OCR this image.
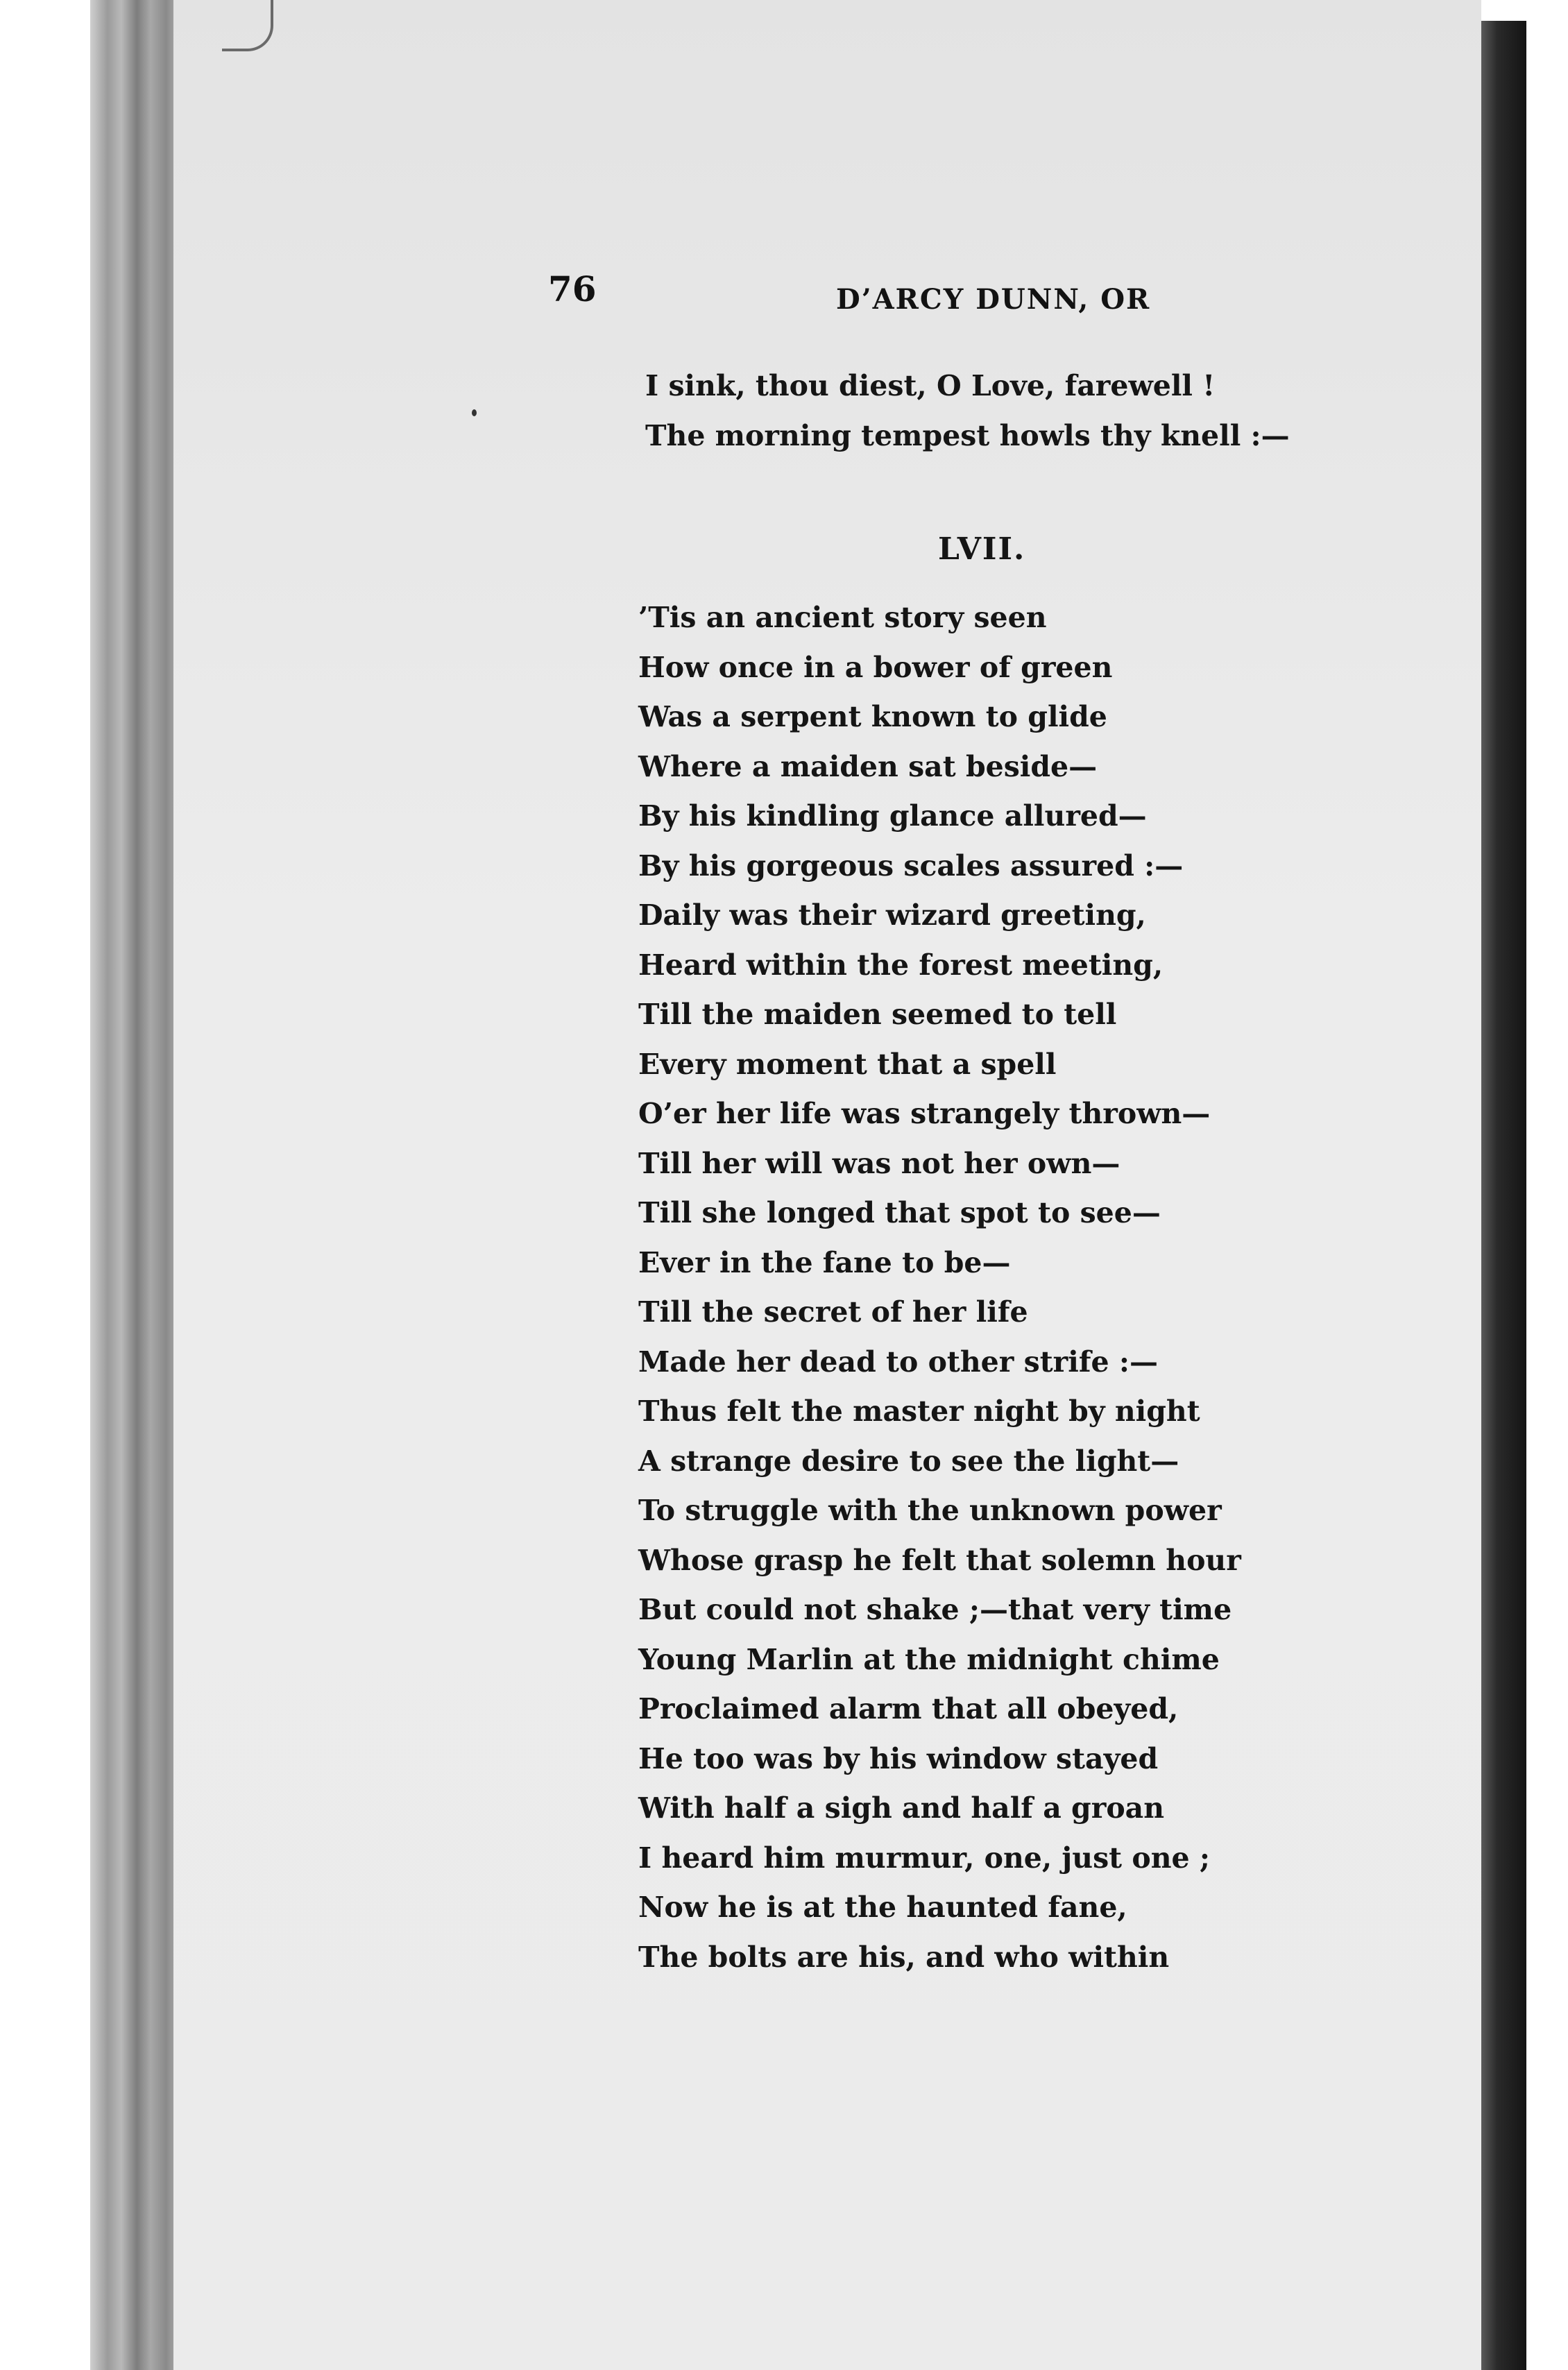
76	D’ARCY DUNN, OR
I sink, thou diest, O Love, farewell !
The morning tempest howls thy knell :—
LVII.
’Tis an ancient story seen
How once in a bower of green
Was a serpent known to glide
Where a maiden sat beside—
By his kindling glance allured—
By his gorgeous scales assured :—
Daily was their wizard greeting,
Heard within the forest meeting,
Till the maiden seemed to tell
Every moment that a spell
O’er her life was strangely thrown—
Till her will was not her own—
Till she longed that spot to see—
Ever in the fane to be—
Till the secret of her life
Made her dead to other strife :—
Thus felt the master night by night
A strange desire to see the light—
To struggle with the unknown power
Whose grasp he felt that solemn hour
But could not shake ;—that very time
Young Marlin at the midnight chime
Proclaimed alarm that all obeyed,
He too was by his window stayed
With half a sigh and half a groan
I heard him murmur, one, just one ;
Now he is at the haunted fane,
The bolts are his, and who within
